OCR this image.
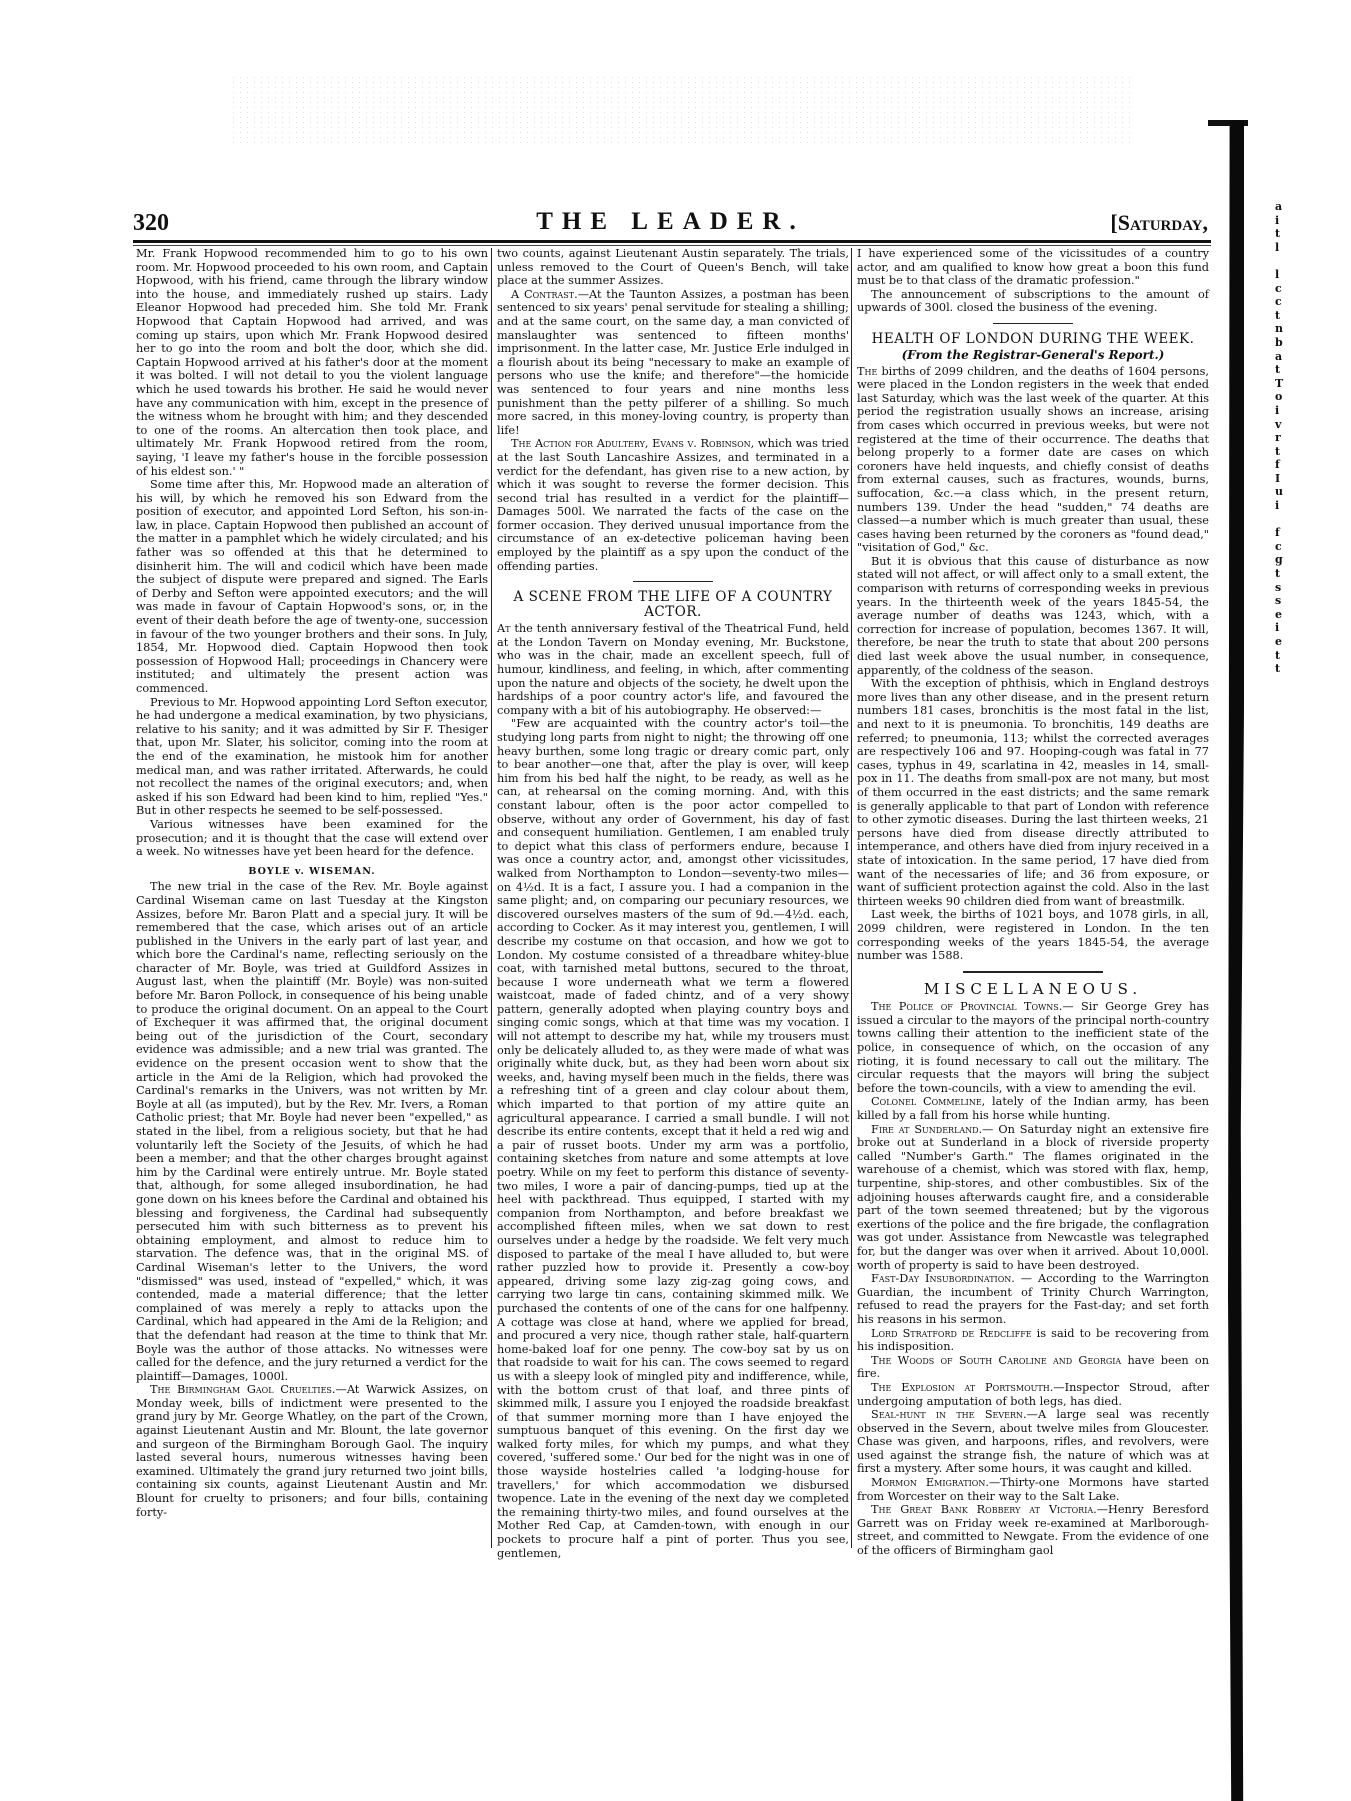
320	THE LEADER.	[Saturday,

Mr. Frank Hopwood recommended him to go to his own room. Mr. Hopwood proceeded to his own room, and Captain Hopwood, with his friend, came through the library window into the house, and immediately rushed up stairs. Lady Eleanor Hopwood had preceded him. She told Mr. Frank Hopwood that Captain Hopwood had arrived, and was coming up stairs, upon which Mr. Frank Hopwood desired her to go into the room and bolt the door, which she did. Captain Hopwood arrived at his father's door at the moment it was bolted. I will not detail to you the violent language which he used towards his brother. He said he would never have any communication with him, except in the presence of the witness whom he brought with him; and they descended to one of the rooms. An altercation then took place, and ultimately Mr. Frank Hopwood retired from the room, saying, 'I leave my father's house in the forcible possession of his eldest son.' "

Some time after this, Mr. Hopwood made an alteration of his will, by which he removed his son Edward from the position of executor, and appointed Lord Sefton, his son-in-law, in place. Captain Hopwood then published an account of the matter in a pamphlet which he widely circulated; and his father was so offended at this that he determined to disinherit him. The will and codicil which have been made the subject of dispute were prepared and signed. The Earls of Derby and Sefton were appointed executors; and the will was made in favour of Captain Hopwood's sons, or, in the event of their death before the age of twenty-one, succession in favour of the two younger brothers and their sons. In July, 1854, Mr. Hopwood died. Captain Hopwood then took possession of Hopwood Hall; proceedings in Chancery were instituted; and ultimately the present action was commenced.

Previous to Mr. Hopwood appointing Lord Sefton executor, he had undergone a medical examination, by two physicians, relative to his sanity; and it was admitted by Sir F. Thesiger that, upon Mr. Slater, his solicitor, coming into the room at the end of the examination, he mistook him for another medical man, and was rather irritated. Afterwards, he could not recollect the names of the original executors; and, when asked if his son Edward had been kind to him, replied "Yes." But in other respects he seemed to be self-possessed.

Various witnesses have been examined for the prosecution; and it is thought that the case will extend over a week. No witnesses have yet been heard for the defence.

BOYLE v. WISEMAN.

The new trial in the case of the Rev. Mr. Boyle against Cardinal Wiseman came on last Tuesday at the Kingston Assizes, before Mr. Baron Platt and a special jury. It will be remembered that the case, which arises out of an article published in the Univers in the early part of last year, and which bore the Cardinal's name, reflecting seriously on the character of Mr. Boyle, was tried at Guildford Assizes in August last, when the plaintiff (Mr. Boyle) was non-suited before Mr. Baron Pollock, in consequence of his being unable to produce the original document. On an appeal to the Court of Exchequer it was affirmed that, the original document being out of the jurisdiction of the Court, secondary evidence was admissible; and a new trial was granted. The evidence on the present occasion went to show that the article in the Ami de la Religion, which had provoked the Cardinal's remarks in the Univers, was not written by Mr. Boyle at all (as imputed), but by the Rev. Mr. Ivers, a Roman Catholic priest; that Mr. Boyle had never been "expelled," as stated in the libel, from a religious society, but that he had voluntarily left the Society of the Jesuits, of which he had been a member; and that the other charges brought against him by the Cardinal were entirely untrue. Mr. Boyle stated that, although, for some alleged insubordination, he had gone down on his knees before the Cardinal and obtained his blessing and forgiveness, the Cardinal had subsequently persecuted him with such bitterness as to prevent his obtaining employment, and almost to reduce him to starvation. The defence was, that in the original MS. of Cardinal Wiseman's letter to the Univers, the word "dismissed" was used, instead of "expelled," which, it was contended, made a material difference; that the letter complained of was merely a reply to attacks upon the Cardinal, which had appeared in the Ami de la Religion; and that the defendant had reason at the time to think that Mr. Boyle was the author of those attacks. No witnesses were called for the defence, and the jury returned a verdict for the plaintiff—Damages, 1000l.

The Birmingham Gaol Cruelties.—At Warwick Assizes, on Monday week, bills of indictment were presented to the grand jury by Mr. George Whatley, on the part of the Crown, against Lieutenant Austin and Mr. Blount, the late governor and surgeon of the Birmingham Borough Gaol. The inquiry lasted several hours, numerous witnesses having been examined. Ultimately the grand jury returned two joint bills, containing six counts, against Lieutenant Austin and Mr. Blount for cruelty to prisoners; and four bills, containing forty-

two counts, against Lieutenant Austin separately. The trials, unless removed to the Court of Queen's Bench, will take place at the summer Assizes.

A Contrast.—At the Taunton Assizes, a postman has been sentenced to six years' penal servitude for stealing a shilling; and at the same court, on the same day, a man convicted of manslaughter was sentenced to fifteen months' imprisonment. In the latter case, Mr. Justice Erle indulged in a flourish about its being "necessary to make an example of persons who use the knife; and therefore"—the homicide was sentenced to four years and nine months less punishment than the petty pilferer of a shilling. So much more sacred, in this money-loving country, is property than life!

The Action for Adultery, Evans v. Robinson, which was tried at the last South Lancashire Assizes, and terminated in a verdict for the defendant, has given rise to a new action, by which it was sought to reverse the former decision. This second trial has resulted in a verdict for the plaintiff—Damages 500l. We narrated the facts of the case on the former occasion. They derived unusual importance from the circumstance of an ex-detective policeman having been employed by the plaintiff as a spy upon the conduct of the offending parties.

A SCENE FROM THE LIFE OF A COUNTRY ACTOR.

At the tenth anniversary festival of the Theatrical Fund, held at the London Tavern on Monday evening, Mr. Buckstone, who was in the chair, made an excellent speech, full of humour, kindliness, and feeling, in which, after commenting upon the nature and objects of the society, he dwelt upon the hardships of a poor country actor's life, and favoured the company with a bit of his autobiography. He observed:—

"Few are acquainted with the country actor's toil—the studying long parts from night to night; the throwing off one heavy burthen, some long tragic or dreary comic part, only to bear another—one that, after the play is over, will keep him from his bed half the night, to be ready, as well as he can, at rehearsal on the coming morning. And, with this constant labour, often is the poor actor compelled to observe, without any order of Government, his day of fast and consequent humiliation. Gentlemen, I am enabled truly to depict what this class of performers endure, because I was once a country actor, and, amongst other vicissitudes, walked from Northampton to London—seventy-two miles—on 4½d. It is a fact, I assure you. I had a companion in the same plight; and, on comparing our pecuniary resources, we discovered ourselves masters of the sum of 9d.—4½d. each, according to Cocker. As it may interest you, gentlemen, I will describe my costume on that occasion, and how we got to London. My costume consisted of a threadbare whitey-blue coat, with tarnished metal buttons, secured to the throat, because I wore underneath what we term a flowered waistcoat, made of faded chintz, and of a very showy pattern, generally adopted when playing country boys and singing comic songs, which at that time was my vocation. I will not attempt to describe my hat, while my trousers must only be delicately alluded to, as they were made of what was originally white duck, but, as they had been worn about six weeks, and, having myself been much in the fields, there was a refreshing tint of a green and clay colour about them, which imparted to that portion of my attire quite an agricultural appearance. I carried a small bundle. I will not describe its entire contents, except that it held a red wig and a pair of russet boots. Under my arm was a portfolio, containing sketches from nature and some attempts at love poetry. While on my feet to perform this distance of seventy-two miles, I wore a pair of dancing-pumps, tied up at the heel with packthread. Thus equipped, I started with my companion from Northampton, and before breakfast we accomplished fifteen miles, when we sat down to rest ourselves under a hedge by the roadside. We felt very much disposed to partake of the meal I have alluded to, but were rather puzzled how to provide it. Presently a cow-boy appeared, driving some lazy zig-zag going cows, and carrying two large tin cans, containing skimmed milk. We purchased the contents of one of the cans for one halfpenny. A cottage was close at hand, where we applied for bread, and procured a very nice, though rather stale, half-quartern home-baked loaf for one penny. The cow-boy sat by us on that roadside to wait for his can. The cows seemed to regard us with a sleepy look of mingled pity and indifference, while, with the bottom crust of that loaf, and three pints of skimmed milk, I assure you I enjoyed the roadside breakfast of that summer morning more than I have enjoyed the sumptuous banquet of this evening. On the first day we walked forty miles, for which my pumps, and what they covered, 'suffered some.' Our bed for the night was in one of those wayside hostelries called 'a lodging-house for travellers,' for which accommodation we disbursed twopence. Late in the evening of the next day we completed the remaining thirty-two miles, and found ourselves at the Mother Red Cap, at Camden-town, with enough in our pockets to procure half a pint of porter. Thus you see, gentlemen,

I have experienced some of the vicissitudes of a country actor, and am qualified to know how great a boon this fund must be to that class of the dramatic profession."

The announcement of subscriptions to the amount of upwards of 300l. closed the business of the evening.

HEALTH OF LONDON DURING THE WEEK.
(From the Registrar-General's Report.)

The births of 2099 children, and the deaths of 1604 persons, were placed in the London registers in the week that ended last Saturday, which was the last week of the quarter. At this period the registration usually shows an increase, arising from cases which occurred in previous weeks, but were not registered at the time of their occurrence. The deaths that belong properly to a former date are cases on which coroners have held inquests, and chiefly consist of deaths from external causes, such as fractures, wounds, burns, suffocation, &c.—a class which, in the present return, numbers 139. Under the head "sudden," 74 deaths are classed—a number which is much greater than usual, these cases having been returned by the coroners as "found dead," "visitation of God," &c.

But it is obvious that this cause of disturbance as now stated will not affect, or will affect only to a small extent, the comparison with returns of corresponding weeks in previous years. In the thirteenth week of the years 1845-54, the average number of deaths was 1243, which, with a correction for increase of population, becomes 1367. It will, therefore, be near the truth to state that about 200 persons died last week above the usual number, in consequence, apparently, of the coldness of the season.

With the exception of phthisis, which in England destroys more lives than any other disease, and in the present return numbers 181 cases, bronchitis is the most fatal in the list, and next to it is pneumonia. To bronchitis, 149 deaths are referred; to pneumonia, 113; whilst the corrected averages are respectively 106 and 97. Hooping-cough was fatal in 77 cases, typhus in 49, scarlatina in 42, measles in 14, small-pox in 11. The deaths from small-pox are not many, but most of them occurred in the east districts; and the same remark is generally applicable to that part of London with reference to other zymotic diseases. During the last thirteen weeks, 21 persons have died from disease directly attributed to intemperance, and others have died from injury received in a state of intoxication. In the same period, 17 have died from want of the necessaries of life; and 36 from exposure, or want of sufficient protection against the cold. Also in the last thirteen weeks 90 children died from want of breastmilk.

Last week, the births of 1021 boys, and 1078 girls, in all, 2099 children, were registered in London. In the ten corresponding weeks of the years 1845-54, the average number was 1588.

MISCELLANEOUS.

The Police of Provincial Towns.— Sir George Grey has issued a circular to the mayors of the principal north-country towns calling their attention to the inefficient state of the police, in consequence of which, on the occasion of any rioting, it is found necessary to call out the military. The circular requests that the mayors will bring the subject before the town-councils, with a view to amending the evil.

Colonel Commeline, lately of the Indian army, has been killed by a fall from his horse while hunting.

Fire at Sunderland.— On Saturday night an extensive fire broke out at Sunderland in a block of riverside property called "Number's Garth." The flames originated in the warehouse of a chemist, which was stored with flax, hemp, turpentine, ship-stores, and other combustibles. Six of the adjoining houses afterwards caught fire, and a considerable part of the town seemed threatened; but by the vigorous exertions of the police and the fire brigade, the conflagration was got under. Assistance from Newcastle was telegraphed for, but the danger was over when it arrived. About 10,000l. worth of property is said to have been destroyed.

Fast-Day Insubordination. — According to the Warrington Guardian, the incumbent of Trinity Church Warrington, refused to read the prayers for the Fast-day; and set forth his reasons in his sermon.

Lord Stratford de Redcliffe is said to be recovering from his indisposition.

The Woods of South Caroline and Georgia have been on fire.

The Explosion at Portsmouth.—Inspector Stroud, after undergoing amputation of both legs, has died.

Seal-hunt in the Severn.—A large seal was recently observed in the Severn, about twelve miles from Gloucester. Chase was given, and harpoons, rifles, and revolvers, were used against the strange fish, the nature of which was at first a mystery. After some hours, it was caught and killed.

Mormon Emigration.—Thirty-one Mormons have started from Worcester on their way to the Salt Lake.

The Great Bank Robbery at Victoria.—Henry Beresford Garrett was on Friday week re-examined at Marlborough-street, and committed to Newgate. From the evidence of one of the officers of Birmingham gaol

a
i
t
l

l
c
c
t
n
b
a
t
T
o
i
v
r
t
f
I
u
i

f
c
g
t
s
s
e
i
e
t
t
